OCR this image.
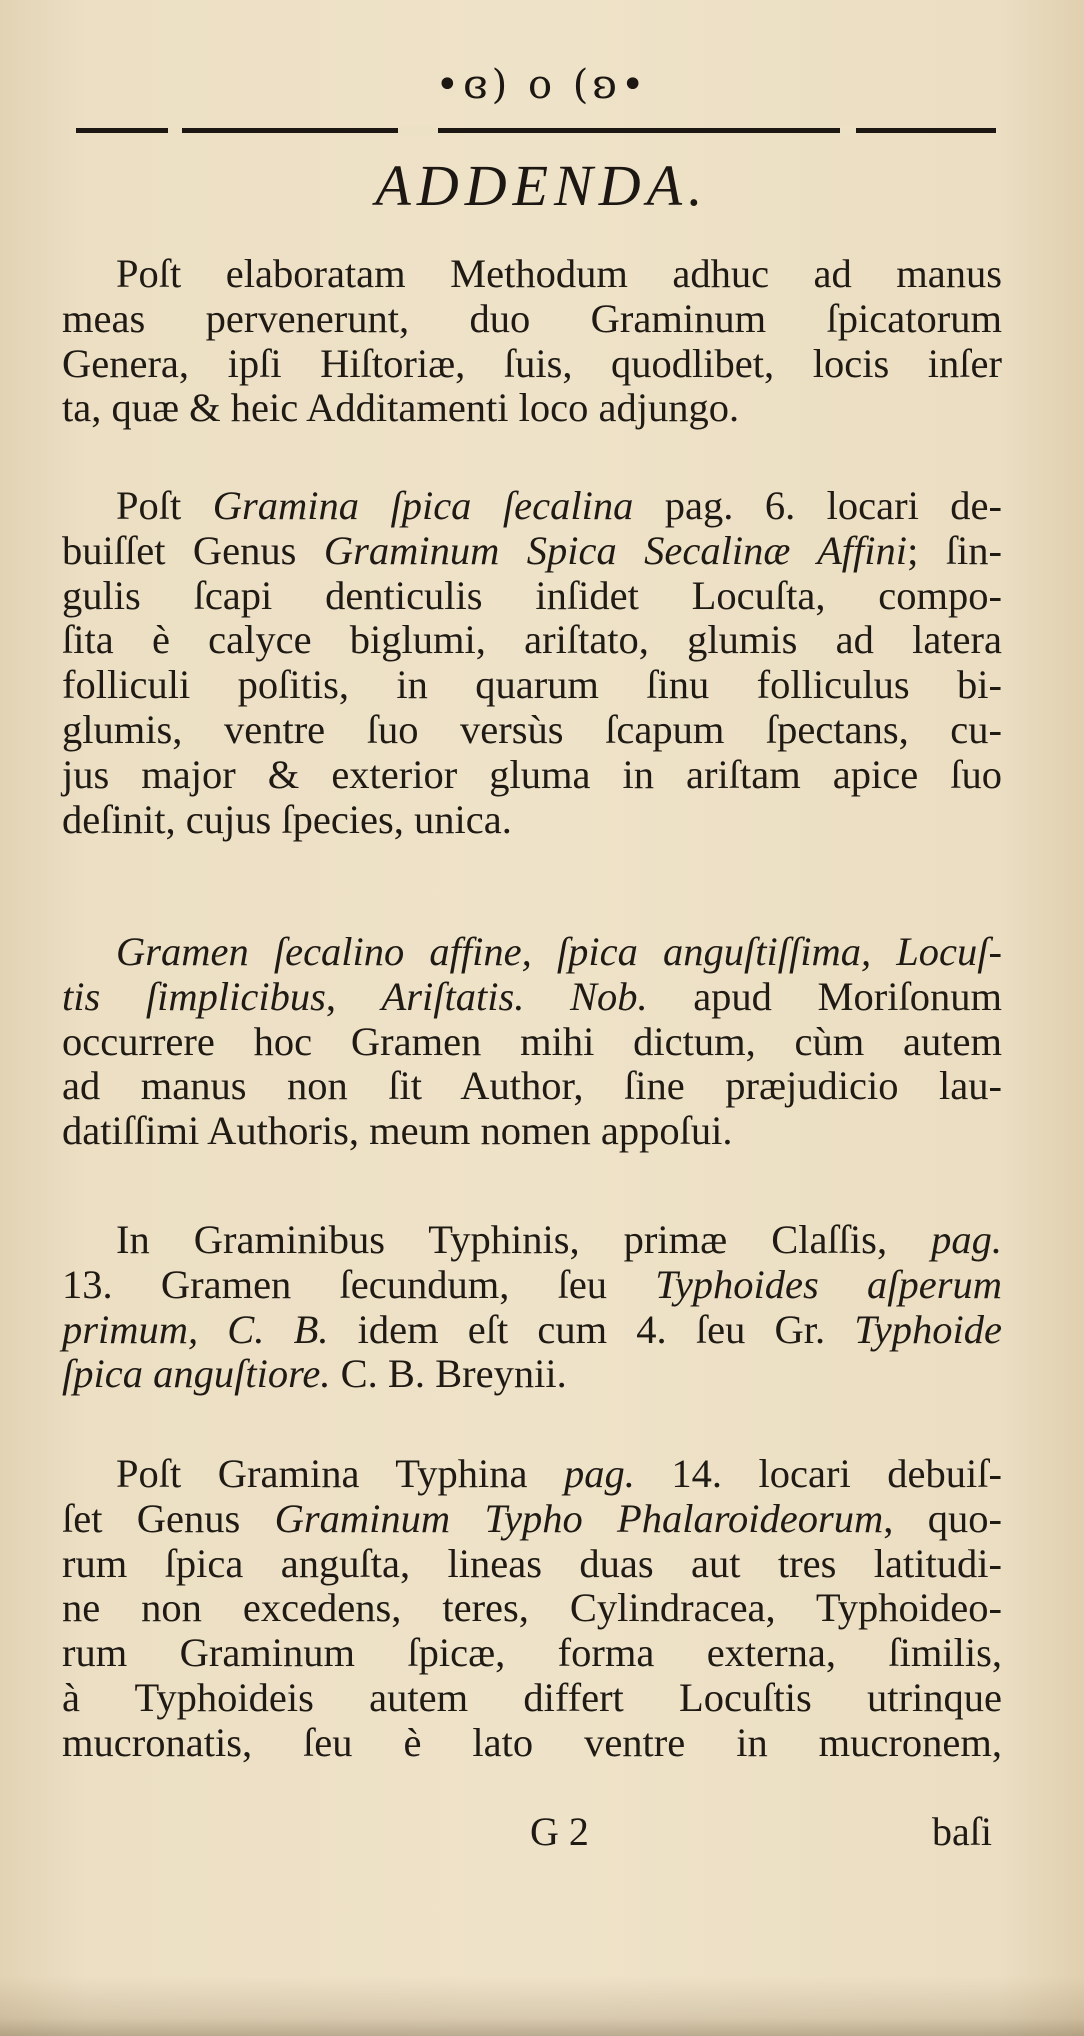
•ɞ) o (ʚ•
ADDENDA.
Poſt elaboratam Methodum adhuc ad manus
meas pervenerunt, duo Graminum ſpicatorum
Genera, ipſi Hiſtoriæ, ſuis, quodlibet, locis inſer
ta, quæ & heic Additamenti loco adjungo.
Poſt Gramina ſpica ſecalina pag. 6. locari de-
buiſſet Genus Graminum Spica Secalinæ Affini; ſin-
gulis ſcapi denticulis inſidet Locuſta, compo-
ſita è calyce biglumi, ariſtato, glumis ad latera
folliculi poſitis, in quarum ſinu folliculus bi-
glumis, ventre ſuo versùs ſcapum ſpectans, cu-
jus major & exterior gluma in ariſtam apice ſuo
deſinit, cujus ſpecies, unica.
Gramen ſecalino affine, ſpica anguſtiſſima, Locuſ-
tis ſimplicibus, Ariſtatis. Nob. apud Moriſonum
occurrere hoc Gramen mihi dictum, cùm autem
ad manus non ſit Author, ſine præjudicio lau-
datiſſimi Authoris, meum nomen appoſui.
In Graminibus Typhinis, primæ Claſſis, pag.
13. Gramen ſecundum, ſeu Typhoides aſperum
primum, C. B. idem eſt cum 4. ſeu Gr. Typhoide
ſpica anguſtiore. C. B. Breynii.
Poſt Gramina Typhina pag. 14. locari debuiſ-
ſet Genus Graminum Typho Phalaroideorum, quo-
rum ſpica anguſta, lineas duas aut tres latitudi-
ne non excedens, teres, Cylindracea, Typhoideo-
rum Graminum ſpicæ, forma externa, ſimilis,
à Typhoideis autem differt Locuſtis utrinque
mucronatis, ſeu è lato ventre in mucronem,
G 2	baſi
